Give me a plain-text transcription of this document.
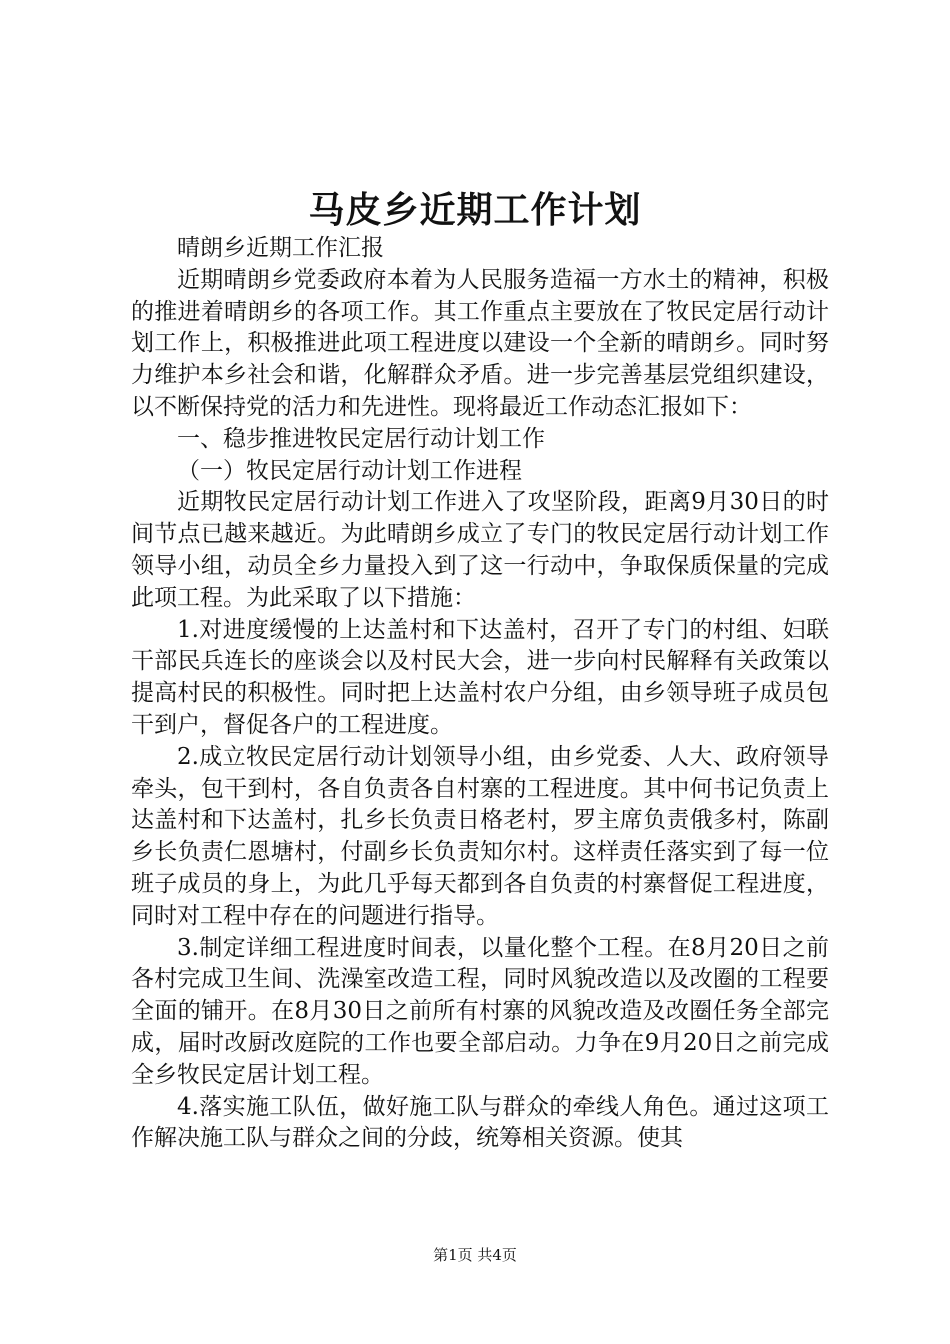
马皮乡近期工作计划

晴朗乡近期工作汇报

近期晴朗乡党委政府本着为人民服务造福一方水土的精神，积极的推进着晴朗乡的各项工作。其工作重点主要放在了牧民定居行动计划工作上，积极推进此项工程进度以建设一个全新的晴朗乡。同时努力维护本乡社会和谐，化解群众矛盾。进一步完善基层党组织建设，以不断保持党的活力和先进性。现将最近工作动态汇报如下：

一、稳步推进牧民定居行动计划工作

（一）牧民定居行动计划工作进程

近期牧民定居行动计划工作进入了攻坚阶段，距离9月30日的时间节点已越来越近。为此晴朗乡成立了专门的牧民定居行动计划工作领导小组，动员全乡力量投入到了这一行动中，争取保质保量的完成此项工程。为此采取了以下措施：

1.对进度缓慢的上达盖村和下达盖村，召开了专门的村组、妇联干部民兵连长的座谈会以及村民大会，进一步向村民解释有关政策以提高村民的积极性。同时把上达盖村农户分组，由乡领导班子成员包干到户，督促各户的工程进度。

2.成立牧民定居行动计划领导小组，由乡党委、人大、政府领导牵头，包干到村，各自负责各自村寨的工程进度。其中何书记负责上达盖村和下达盖村，扎乡长负责日格老村，罗主席负责俄多村，陈副乡长负责仁恩塘村，付副乡长负责知尔村。这样责任落实到了每一位班子成员的身上，为此几乎每天都到各自负责的村寨督促工程进度，同时对工程中存在的问题进行指导。

3.制定详细工程进度时间表，以量化整个工程。在8月20日之前各村完成卫生间、洗澡室改造工程，同时风貌改造以及改圈的工程要全面的铺开。在8月30日之前所有村寨的风貌改造及改圈任务全部完成，届时改厨改庭院的工作也要全部启动。力争在9月20日之前完成全乡牧民定居计划工程。

4.落实施工队伍，做好施工队与群众的牵线人角色。通过这项工作解决施工队与群众之间的分歧，统筹相关资源。使其

第1页 共4页
